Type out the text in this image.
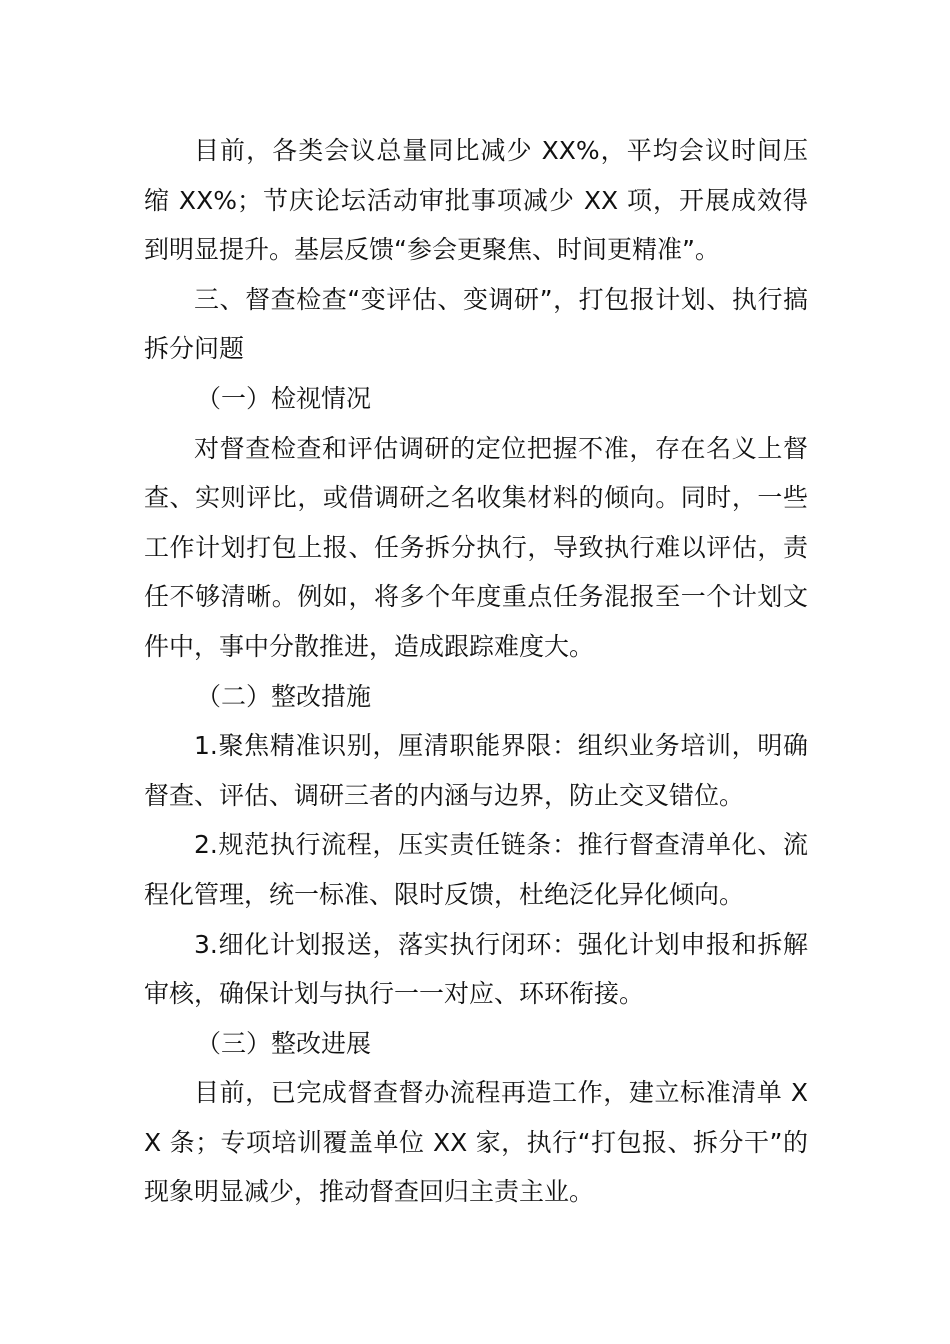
目前，各类会议总量同比减少 XX%，平均会议时间压缩 XX%；节庆论坛活动审批事项减少 XX 项，开展成效得到明显提升。基层反馈“参会更聚焦、时间更精准”。

三、督查检查“变评估、变调研”，打包报计划、执行搞拆分问题

（一）检视情况

对督查检查和评估调研的定位把握不准，存在名义上督查、实则评比，或借调研之名收集材料的倾向。同时，一些工作计划打包上报、任务拆分执行，导致执行难以评估，责任不够清晰。例如，将多个年度重点任务混报至一个计划文件中，事中分散推进，造成跟踪难度大。

（二）整改措施

1.聚焦精准识别，厘清职能界限：组织业务培训，明确督查、评估、调研三者的内涵与边界，防止交叉错位。

2.规范执行流程，压实责任链条：推行督查清单化、流程化管理，统一标准、限时反馈，杜绝泛化异化倾向。

3.细化计划报送，落实执行闭环：强化计划申报和拆解审核，确保计划与执行一一对应、环环衔接。

（三）整改进展

目前，已完成督查督办流程再造工作，建立标准清单 XX 条；专项培训覆盖单位 XX 家，执行“打包报、拆分干”的现象明显减少，推动督查回归主责主业。
